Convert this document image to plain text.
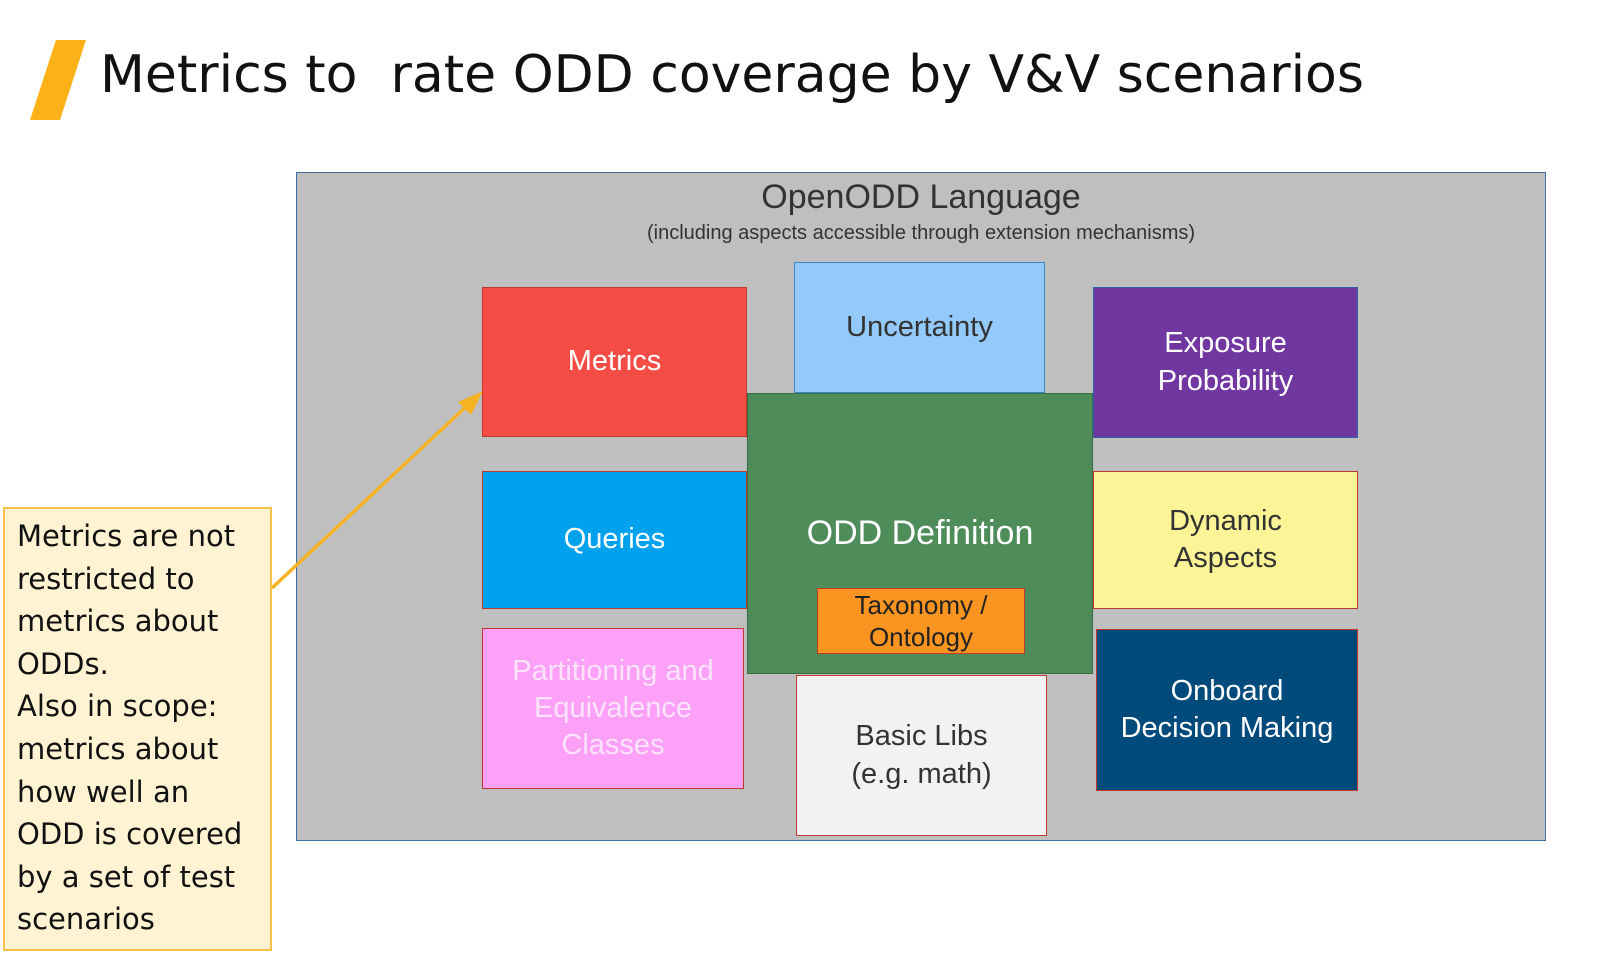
Metrics to  rate ODD coverage by V&V scenarios
OpenODD Language
(including aspects accessible through extension mechanisms)
Metrics
Uncertainty
Exposure
Probability
Queries
Dynamic
Aspects
ODD Definition
Taxonomy /
Ontology
Partitioning and
Equivalence
Classes	Basic Libs
(e.g. math)
Onboard
Decision Making
Metrics are not
restricted to
metrics about
ODDs.
Also in scope:
metrics about
how well an
ODD is covered
by a set of test
scenarios
